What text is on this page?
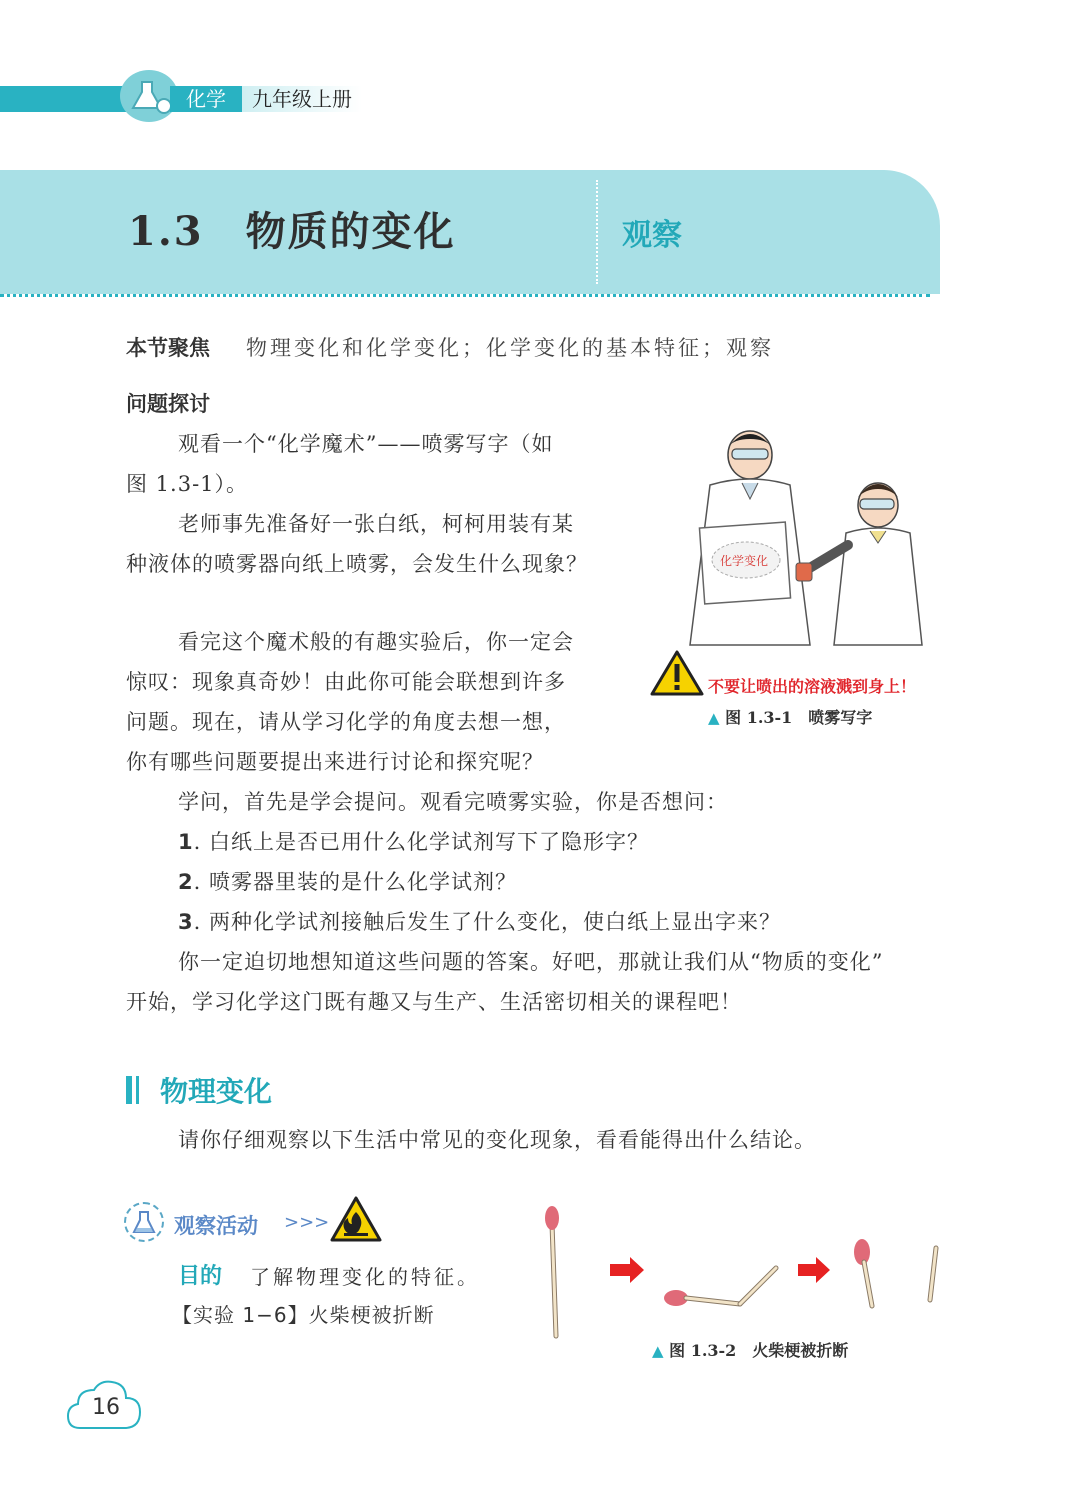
化学	九年级上册
1.3　物质的变化	观察
本节聚焦 物理变化和化学变化；化学变化的基本特征；观察
问题探讨
观看一个“化学魔术”——喷雾写字（如
图 1.3-1）。
老师事先准备好一张白纸，柯柯用装有某
种液体的喷雾器向纸上喷雾，会发生什么现象？
看完这个魔术般的有趣实验后，你一定会
惊叹：现象真奇妙！由此你可能会联想到许多
问题。现在，请从学习化学的角度去想一想，
你有哪些问题要提出来进行讨论和探究呢？
学问，首先是学会提问。观看完喷雾实验，你是否想问：
1. 白纸上是否已用什么化学试剂写下了隐形字？
2. 喷雾器里装的是什么化学试剂？
3. 两种化学试剂接触后发生了什么变化，使白纸上显出字来？
你一定迫切地想知道这些问题的答案。好吧，那就让我们从“物质的变化”
开始，学习化学这门既有趣又与生产、生活密切相关的课程吧！
化学变化
不要让喷出的溶液溅到身上！
▲ 图 1.3-1　喷雾写字
物理变化
请你仔细观察以下生活中常见的变化现象，看看能得出什么结论。
观察活动 >>>
目的 了解物理变化的特征。
【实验 1−6】火柴梗被折断
▲ 图 1.3-2　火柴梗被折断
16
